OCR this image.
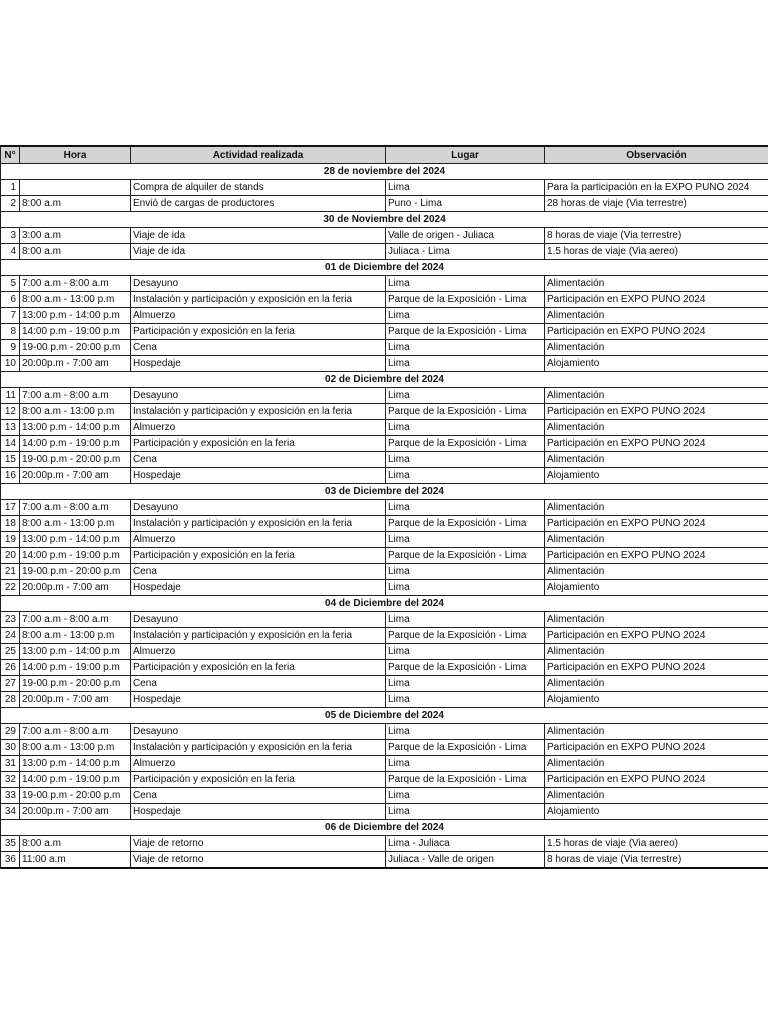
N°	Hora	Actividad realizada	Lugar	Observación
28 de noviembre del 2024				
1		Compra de alquiler de stands	Lima	Para la participación en la EXPO PUNO 2024
2	8:00 a.m	Envió de cargas de productores	Puno - Lima	28 horas de viaje (Via terrestre)
30 de Noviembre del 2024				
3	3:00 a.m	Viaje de ida	Valle de origen - Juliaca	8 horas de viaje (Via terrestre)
4	8:00 a.m	Viaje de ida	Juliaca - Lima	1.5 horas de viaje (Via aereo)
01 de Diciembre del 2024				
5	7:00 a.m - 8:00 a.m	Desayuno	Lima	Alimentación
6	8:00 a.m - 13:00 p.m	Instalación y participación y exposición en la feria	Parque de la Exposición - Lima	Participación en EXPO PUNO 2024
7	13:00 p.m - 14:00 p.m	Almuerzo	Lima	Alimentación
8	14:00 p.m - 19:00 p.m	Participación y exposición en la feria	Parque de la Exposición - Lima	Participación en EXPO PUNO 2024
9	19-00 p.m - 20:00 p.m	Cena	Lima	Alimentación
10	20:00p.m - 7:00 am	Hospedaje	Lima	Alojamiento
02 de Diciembre del 2024				
11	7:00 a.m - 8:00 a.m	Desayuno	Lima	Alimentación
12	8:00 a.m - 13:00 p.m	Instalación y participación y exposición en la feria	Parque de la Exposición - Lima	Participación en EXPO PUNO 2024
13	13:00 p.m - 14:00 p.m	Almuerzo	Lima	Alimentación
14	14:00 p.m - 19:00 p.m	Participación y exposición en la feria	Parque de la Exposición - Lima	Participación en EXPO PUNO 2024
15	19-00 p.m - 20:00 p.m	Cena	Lima	Alimentación
16	20:00p.m - 7:00 am	Hospedaje	Lima	Alojamiento
03 de Diciembre del 2024				
17	7:00 a.m - 8:00 a.m	Desayuno	Lima	Alimentación
18	8:00 a.m - 13:00 p.m	Instalación y participación y exposición en la feria	Parque de la Exposición - Lima	Participación en EXPO PUNO 2024
19	13:00 p.m - 14:00 p.m	Almuerzo	Lima	Alimentación
20	14:00 p.m - 19:00 p.m	Participación y exposición en la feria	Parque de la Exposición - Lima	Participación en EXPO PUNO 2024
21	19-00 p.m - 20:00 p.m	Cena	Lima	Alimentación
22	20:00p.m - 7:00 am	Hospedaje	Lima	Alojamiento
04 de Diciembre del 2024				
23	7:00 a.m - 8:00 a.m	Desayuno	Lima	Alimentación
24	8:00 a.m - 13:00 p.m	Instalación y participación y exposición en la feria	Parque de la Exposición - Lima	Participación en EXPO PUNO 2024
25	13:00 p.m - 14:00 p.m	Almuerzo	Lima	Alimentación
26	14:00 p.m - 19:00 p.m	Participación y exposición en la feria	Parque de la Exposición - Lima	Participación en EXPO PUNO 2024
27	19-00 p.m - 20:00 p.m	Cena	Lima	Alimentación
28	20:00p.m - 7:00 am	Hospedaje	Lima	Alojamiento
05 de Diciembre del 2024				
29	7:00 a.m - 8:00 a.m	Desayuno	Lima	Alimentación
30	8:00 a.m - 13:00 p.m	Instalación y participación y exposición en la feria	Parque de la Exposición - Lima	Participación en EXPO PUNO 2024
31	13:00 p.m - 14:00 p.m	Almuerzo	Lima	Alimentación
32	14:00 p.m - 19:00 p.m	Participación y exposición en la feria	Parque de la Exposición - Lima	Participación en EXPO PUNO 2024
33	19-00 p.m - 20:00 p.m	Cena	Lima	Alimentación
34	20:00p.m - 7:00 am	Hospedaje	Lima	Alojamiento
06 de Diciembre del 2024				
35	8:00 a.m	Viaje de retorno	Lima - Juliaca	1.5 horas de viaje (Via aereo)
36	11:00 a.m	Viaje de retorno	Juliaca - Valle de origen	8 horas de viaje (Via terrestre)
